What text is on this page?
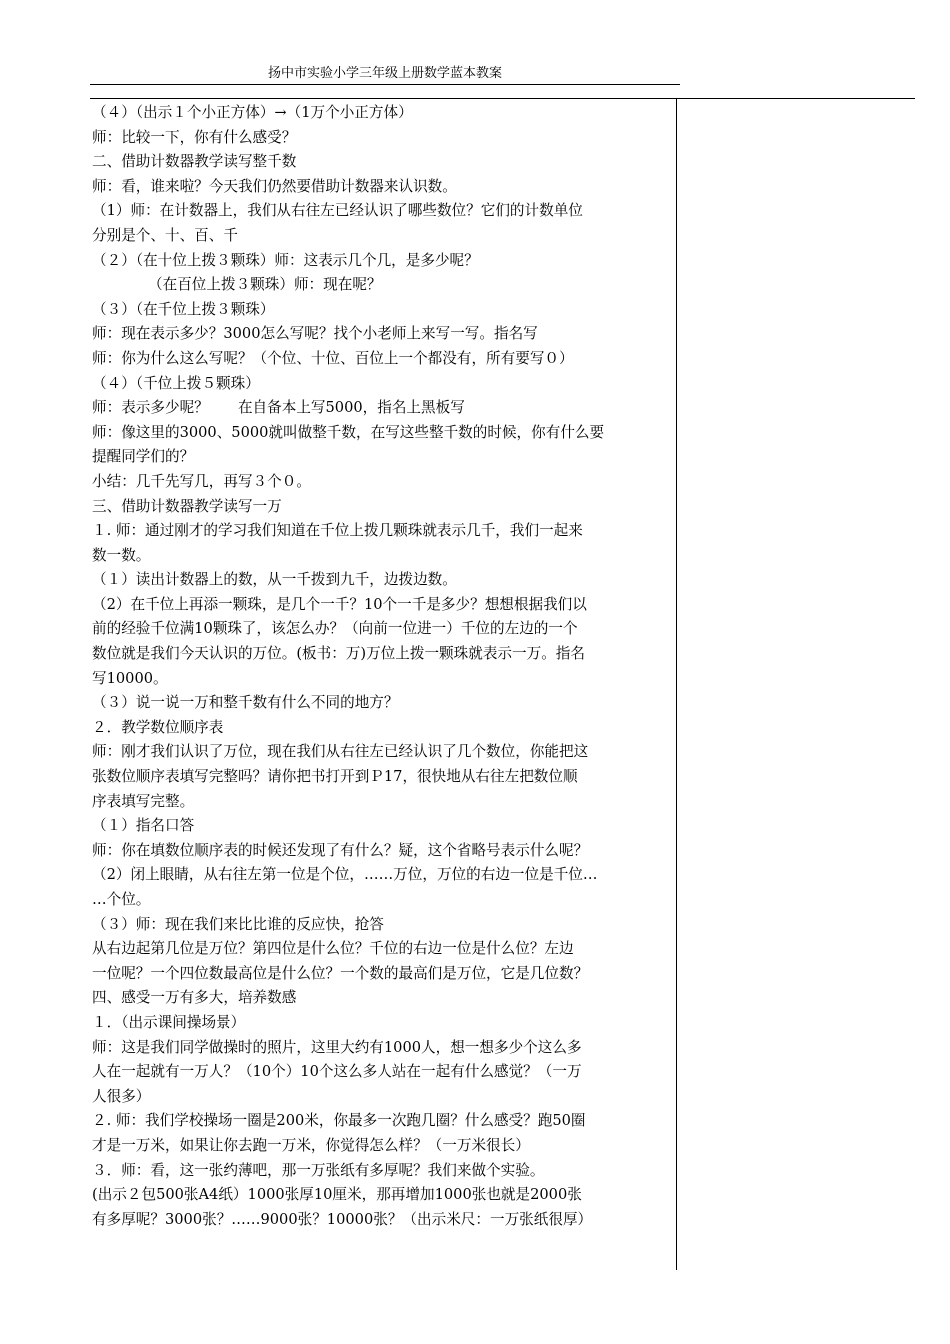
扬中市实验小学三年级上册数学蓝本教案
（４）（出示１个小正方体）→（1万个小正方体）
师：比较一下，你有什么感受？
二、借助计数器教学读写整千数
师：看，谁来啦？今天我们仍然要借助计数器来认识数。
（1）师：在计数器上，我们从右往左已经认识了哪些数位？它们的计数单位
分别是个、十、百、千
（２）（在十位上拨３颗珠）师：这表示几个几，是多少呢？
（在百位上拨３颗珠）师：现在呢？
（３）（在千位上拨３颗珠）
师：现在表示多少？3000怎么写呢？找个小老师上来写一写。指名写
师：你为什么这么写呢？（个位、十位、百位上一个都没有，所有要写０）
（４）（千位上拨５颗珠）
师：表示多少呢？　　在自备本上写5000，指名上黑板写
师：像这里的3000、5000就叫做整千数，在写这些整千数的时候，你有什么要
提醒同学们的？
小结：几千先写几，再写３个０。
三、借助计数器教学读写一万
１. 师：通过刚才的学习我们知道在千位上拨几颗珠就表示几千，我们一起来
数一数。
（１）读出计数器上的数，从一千拨到九千，边拨边数。
（2）在千位上再添一颗珠，是几个一千？10个一千是多少？想想根据我们以
前的经验千位满10颗珠了，该怎么办？（向前一位进一）千位的左边的一个
数位就是我们今天认识的万位。(板书：万)万位上拨一颗珠就表示一万。指名
写10000。
（３）说一说一万和整千数有什么不同的地方？
２．教学数位顺序表
师：刚才我们认识了万位，现在我们从右往左已经认识了几个数位，你能把这
张数位顺序表填写完整吗？请你把书打开到Ｐ17，很快地从右往左把数位顺
序表填写完整。
（１）指名口答
师：你在填数位顺序表的时候还发现了有什么？疑，这个省略号表示什么呢？
（2）闭上眼睛，从右往左第一位是个位，……万位，万位的右边一位是千位…
…个位。
（３）师：现在我们来比比谁的反应快，抢答
从右边起第几位是万位？第四位是什么位？千位的右边一位是什么位？左边
一位呢？一个四位数最高位是什么位？一个数的最高们是万位，它是几位数？
四、感受一万有多大，培养数感
１．（出示课间操场景）
师：这是我们同学做操时的照片，这里大约有1000人，想一想多少个这么多
人在一起就有一万人？（10个）10个这么多人站在一起有什么感觉？（一万
人很多）
２. 师：我们学校操场一圈是200米，你最多一次跑几圈？什么感受？跑50圈
才是一万米，如果让你去跑一万米，你觉得怎么样？（一万米很长）
３．师：看，这一张约薄吧，那一万张纸有多厚呢？我们来做个实验。
(出示２包500张A4纸）1000张厚10厘米，那再增加1000张也就是2000张
有多厚呢？3000张？……9000张？10000张？（出示米尺：一万张纸很厚）
